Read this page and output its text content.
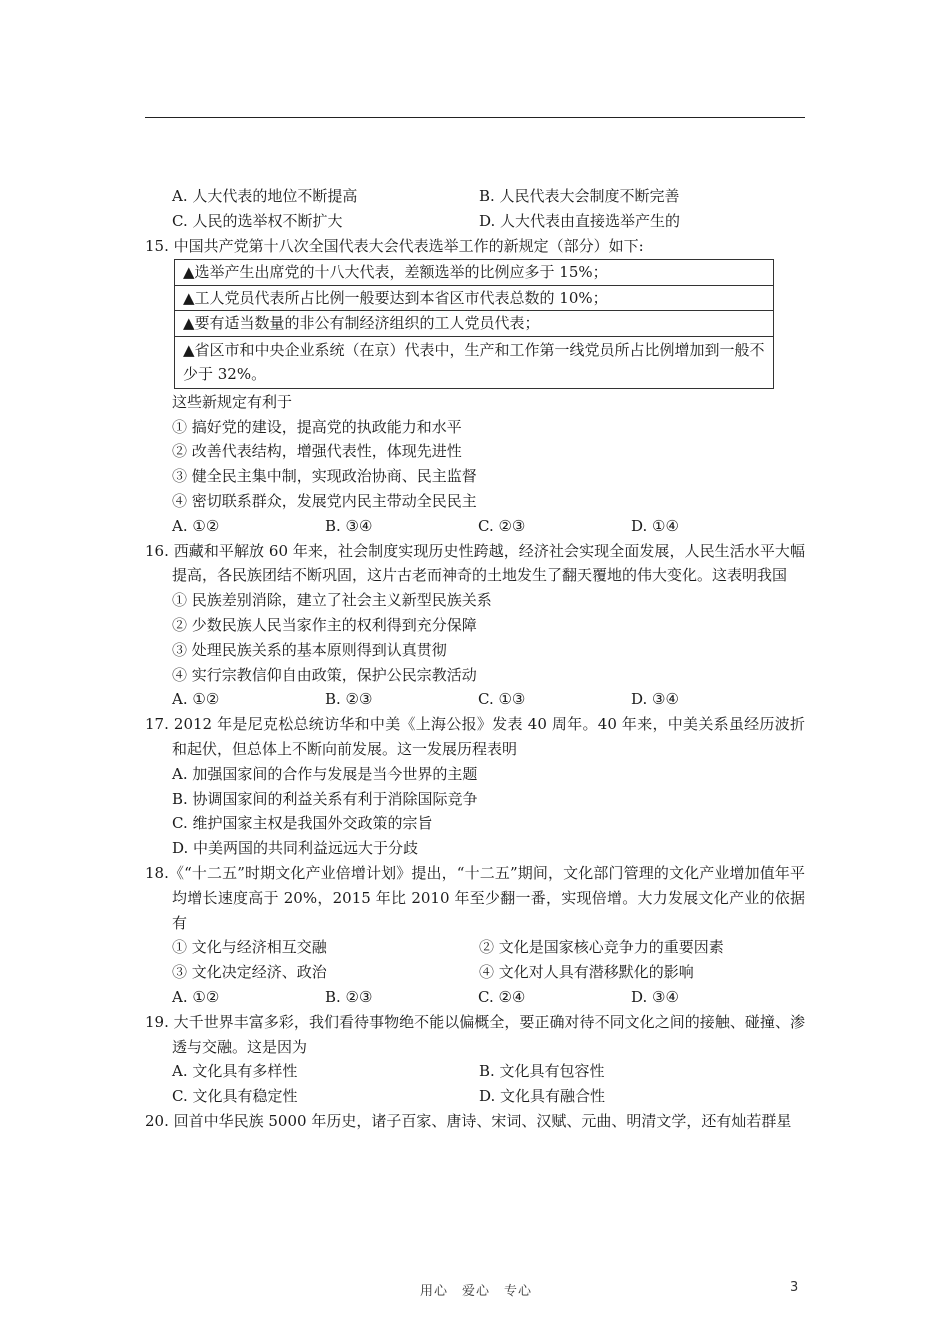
A. 人大代表的地位不断提高	B. 人民代表大会制度不断完善
C. 人民的选举权不断扩大	D. 人大代表由直接选举产生的
15. 中国共产党第十八次全国代表大会代表选举工作的新规定（部分）如下:
▲选举产生出席党的十八大代表，差额选举的比例应多于 15%；
▲工人党员代表所占比例一般要达到本省区市代表总数的 10%；
▲要有适当数量的非公有制经济组织的工人党员代表；
▲省区市和中央企业系统（在京）代表中，生产和工作第一线党员所占比例增加到一般不少于 32%。
这些新规定有利于
① 搞好党的建设，提高党的执政能力和水平
② 改善代表结构，增强代表性，体现先进性
③ 健全民主集中制，实现政治协商、民主监督
④ 密切联系群众，发展党内民主带动全民民主
A. ①②	B. ③④	C. ②③	D. ①④
16. 西藏和平解放 60 年来，社会制度实现历史性跨越，经济社会实现全面发展，人民生活水平大幅提高，各民族团结不断巩固，这片古老而神奇的土地发生了翻天覆地的伟大变化。这表明我国
① 民族差别消除，建立了社会主义新型民族关系
② 少数民族人民当家作主的权利得到充分保障
③ 处理民族关系的基本原则得到认真贯彻
④ 实行宗教信仰自由政策，保护公民宗教活动
A. ①②	B. ②③	C. ①③	D. ③④
17. 2012 年是尼克松总统访华和中美《上海公报》发表 40 周年。40 年来，中美关系虽经历波折和起伏，但总体上不断向前发展。这一发展历程表明
A. 加强国家间的合作与发展是当今世界的主题
B. 协调国家间的利益关系有利于消除国际竞争
C. 维护国家主权是我国外交政策的宗旨
D. 中美两国的共同利益远远大于分歧
18.《“十二五”时期文化产业倍增计划》提出，“十二五”期间，文化部门管理的文化产业增加值年平均增长速度高于 20%，2015 年比 2010 年至少翻一番，实现倍增。大力发展文化产业的依据有
① 文化与经济相互交融	② 文化是国家核心竞争力的重要因素
③ 文化决定经济、政治	④ 文化对人具有潜移默化的影响
A. ①②	B. ②③	C. ②④	D. ③④
19. 大千世界丰富多彩，我们看待事物绝不能以偏概全，要正确对待不同文化之间的接触、碰撞、渗透与交融。这是因为
A. 文化具有多样性	B. 文化具有包容性
C. 文化具有稳定性	D. 文化具有融合性
20. 回首中华民族 5000 年历史，诸子百家、唐诗、宋词、汉赋、元曲、明清文学，还有灿若群星
用心　爱心　专心	3
